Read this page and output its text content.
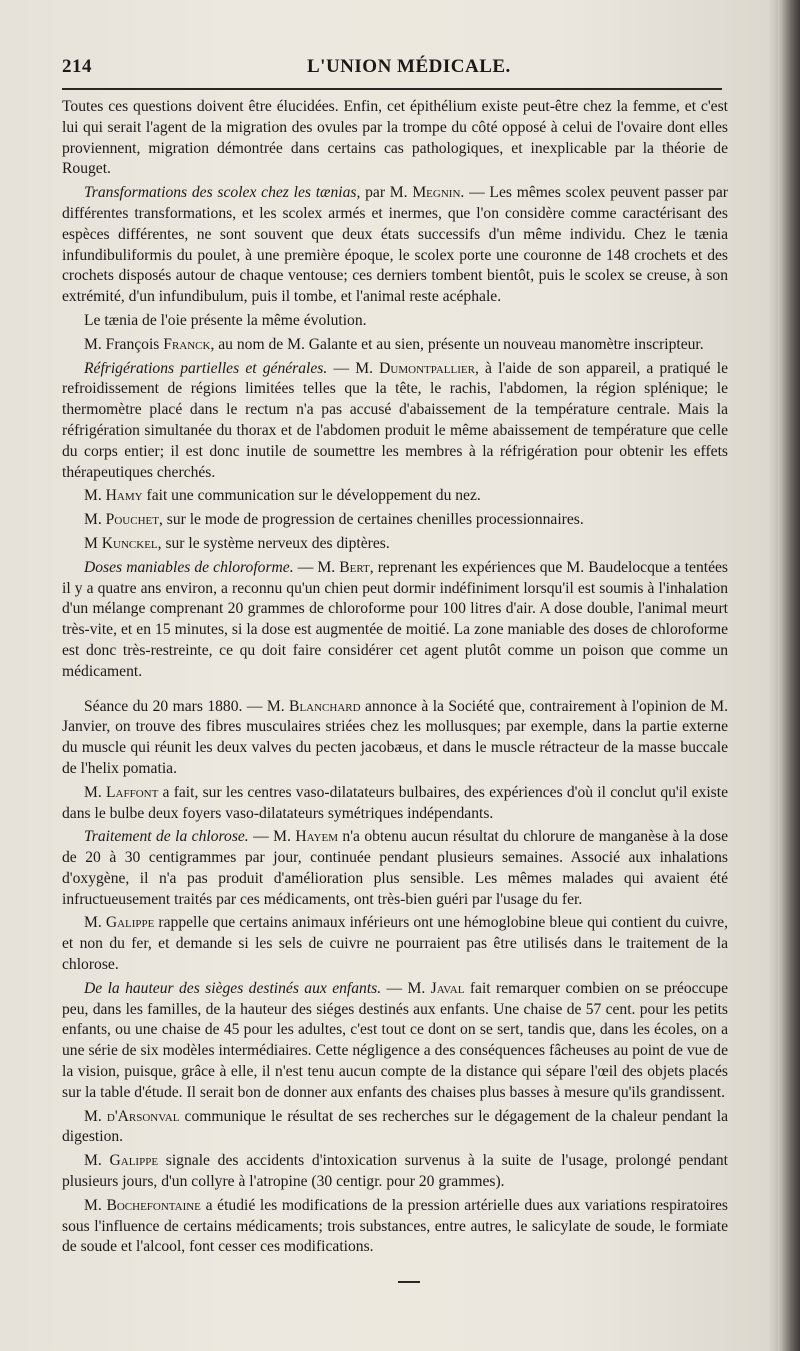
214	L'UNION MÉDICALE.

Toutes ces questions doivent être élucidées. Enfin, cet épithélium existe peut-être chez la femme, et c'est lui qui serait l'agent de la migration des ovules par la trompe du côté opposé à celui de l'ovaire dont elles proviennent, migration démontrée dans certains cas pathologiques, et inexplicable par la théorie de Rouget.

Transformations des scolex chez les tænias, par M. Megnin. — Les mêmes scolex peuvent passer par différentes transformations, et les scolex armés et inermes, que l'on considère comme caractérisant des espèces différentes, ne sont souvent que deux états successifs d'un même individu. Chez le tænia infundibuliformis du poulet, à une première époque, le scolex porte une couronne de 148 crochets et des crochets disposés autour de chaque ventouse; ces derniers tombent bientôt, puis le scolex se creuse, à son extrémité, d'un infundibulum, puis il tombe, et l'animal reste acéphale.

Le tænia de l'oie présente la même évolution.

M. François Franck, au nom de M. Galante et au sien, présente un nouveau manomètre inscripteur.

Réfrigérations partielles et générales. — M. Dumontpallier, à l'aide de son appareil, a pratiqué le refroidissement de régions limitées telles que la tête, le rachis, l'abdomen, la région splénique; le thermomètre placé dans le rectum n'a pas accusé d'abaissement de la température centrale. Mais la réfrigération simultanée du thorax et de l'abdomen produit le même abaissement de température que celle du corps entier; il est donc inutile de soumettre les membres à la réfrigération pour obtenir les effets thérapeutiques cherchés.

M. Hamy fait une communication sur le développement du nez.

M. Pouchet, sur le mode de progression de certaines chenilles processionnaires.

M Kunckel, sur le système nerveux des diptères.

Doses maniables de chloroforme. — M. Bert, reprenant les expériences que M. Baudelocque a tentées il y a quatre ans environ, a reconnu qu'un chien peut dormir indéfiniment lorsqu'il est soumis à l'inhalation d'un mélange comprenant 20 grammes de chloroforme pour 100 litres d'air. A dose double, l'animal meurt très-vite, et en 15 minutes, si la dose est augmentée de moitié. La zone maniable des doses de chloroforme est donc très-restreinte, ce qu doit faire considérer cet agent plutôt comme un poison que comme un médicament.

Séance du 20 mars 1880. — M. Blanchard annonce à la Société que, contrairement à l'opinion de M. Janvier, on trouve des fibres musculaires striées chez les mollusques; par exemple, dans la partie externe du muscle qui réunit les deux valves du pecten jacobæus, et dans le muscle rétracteur de la masse buccale de l'helix pomatia.

M. Laffont a fait, sur les centres vaso-dilatateurs bulbaires, des expériences d'où il conclut qu'il existe dans le bulbe deux foyers vaso-dilatateurs symétriques indépendants.

Traitement de la chlorose. — M. Hayem n'a obtenu aucun résultat du chlorure de manganèse à la dose de 20 à 30 centigrammes par jour, continuée pendant plusieurs semaines. Associé aux inhalations d'oxygène, il n'a pas produit d'amélioration plus sensible. Les mêmes malades qui avaient été infructueusement traités par ces médicaments, ont très-bien guéri par l'usage du fer.

M. Galippe rappelle que certains animaux inférieurs ont une hémoglobine bleue qui contient du cuivre, et non du fer, et demande si les sels de cuivre ne pourraient pas être utilisés dans le traitement de la chlorose.

De la hauteur des sièges destinés aux enfants. — M. Javal fait remarquer combien on se préoccupe peu, dans les familles, de la hauteur des siéges destinés aux enfants. Une chaise de 57 cent. pour les petits enfants, ou une chaise de 45 pour les adultes, c'est tout ce dont on se sert, tandis que, dans les écoles, on a une série de six modèles intermédiaires. Cette négligence a des conséquences fâcheuses au point de vue de la vision, puisque, grâce à elle, il n'est tenu aucun compte de la distance qui sépare l'œil des objets placés sur la table d'étude. Il serait bon de donner aux enfants des chaises plus basses à mesure qu'ils grandissent.

M. d'Arsonval communique le résultat de ses recherches sur le dégagement de la chaleur pendant la digestion.

M. Galippe signale des accidents d'intoxication survenus à la suite de l'usage, prolongé pendant plusieurs jours, d'un collyre à l'atropine (30 centigr. pour 20 grammes).

M. Bochefontaine a étudié les modifications de la pression artérielle dues aux variations respiratoires sous l'influence de certains médicaments; trois substances, entre autres, le salicylate de soude, le formiate de soude et l'alcool, font cesser ces modifications.
